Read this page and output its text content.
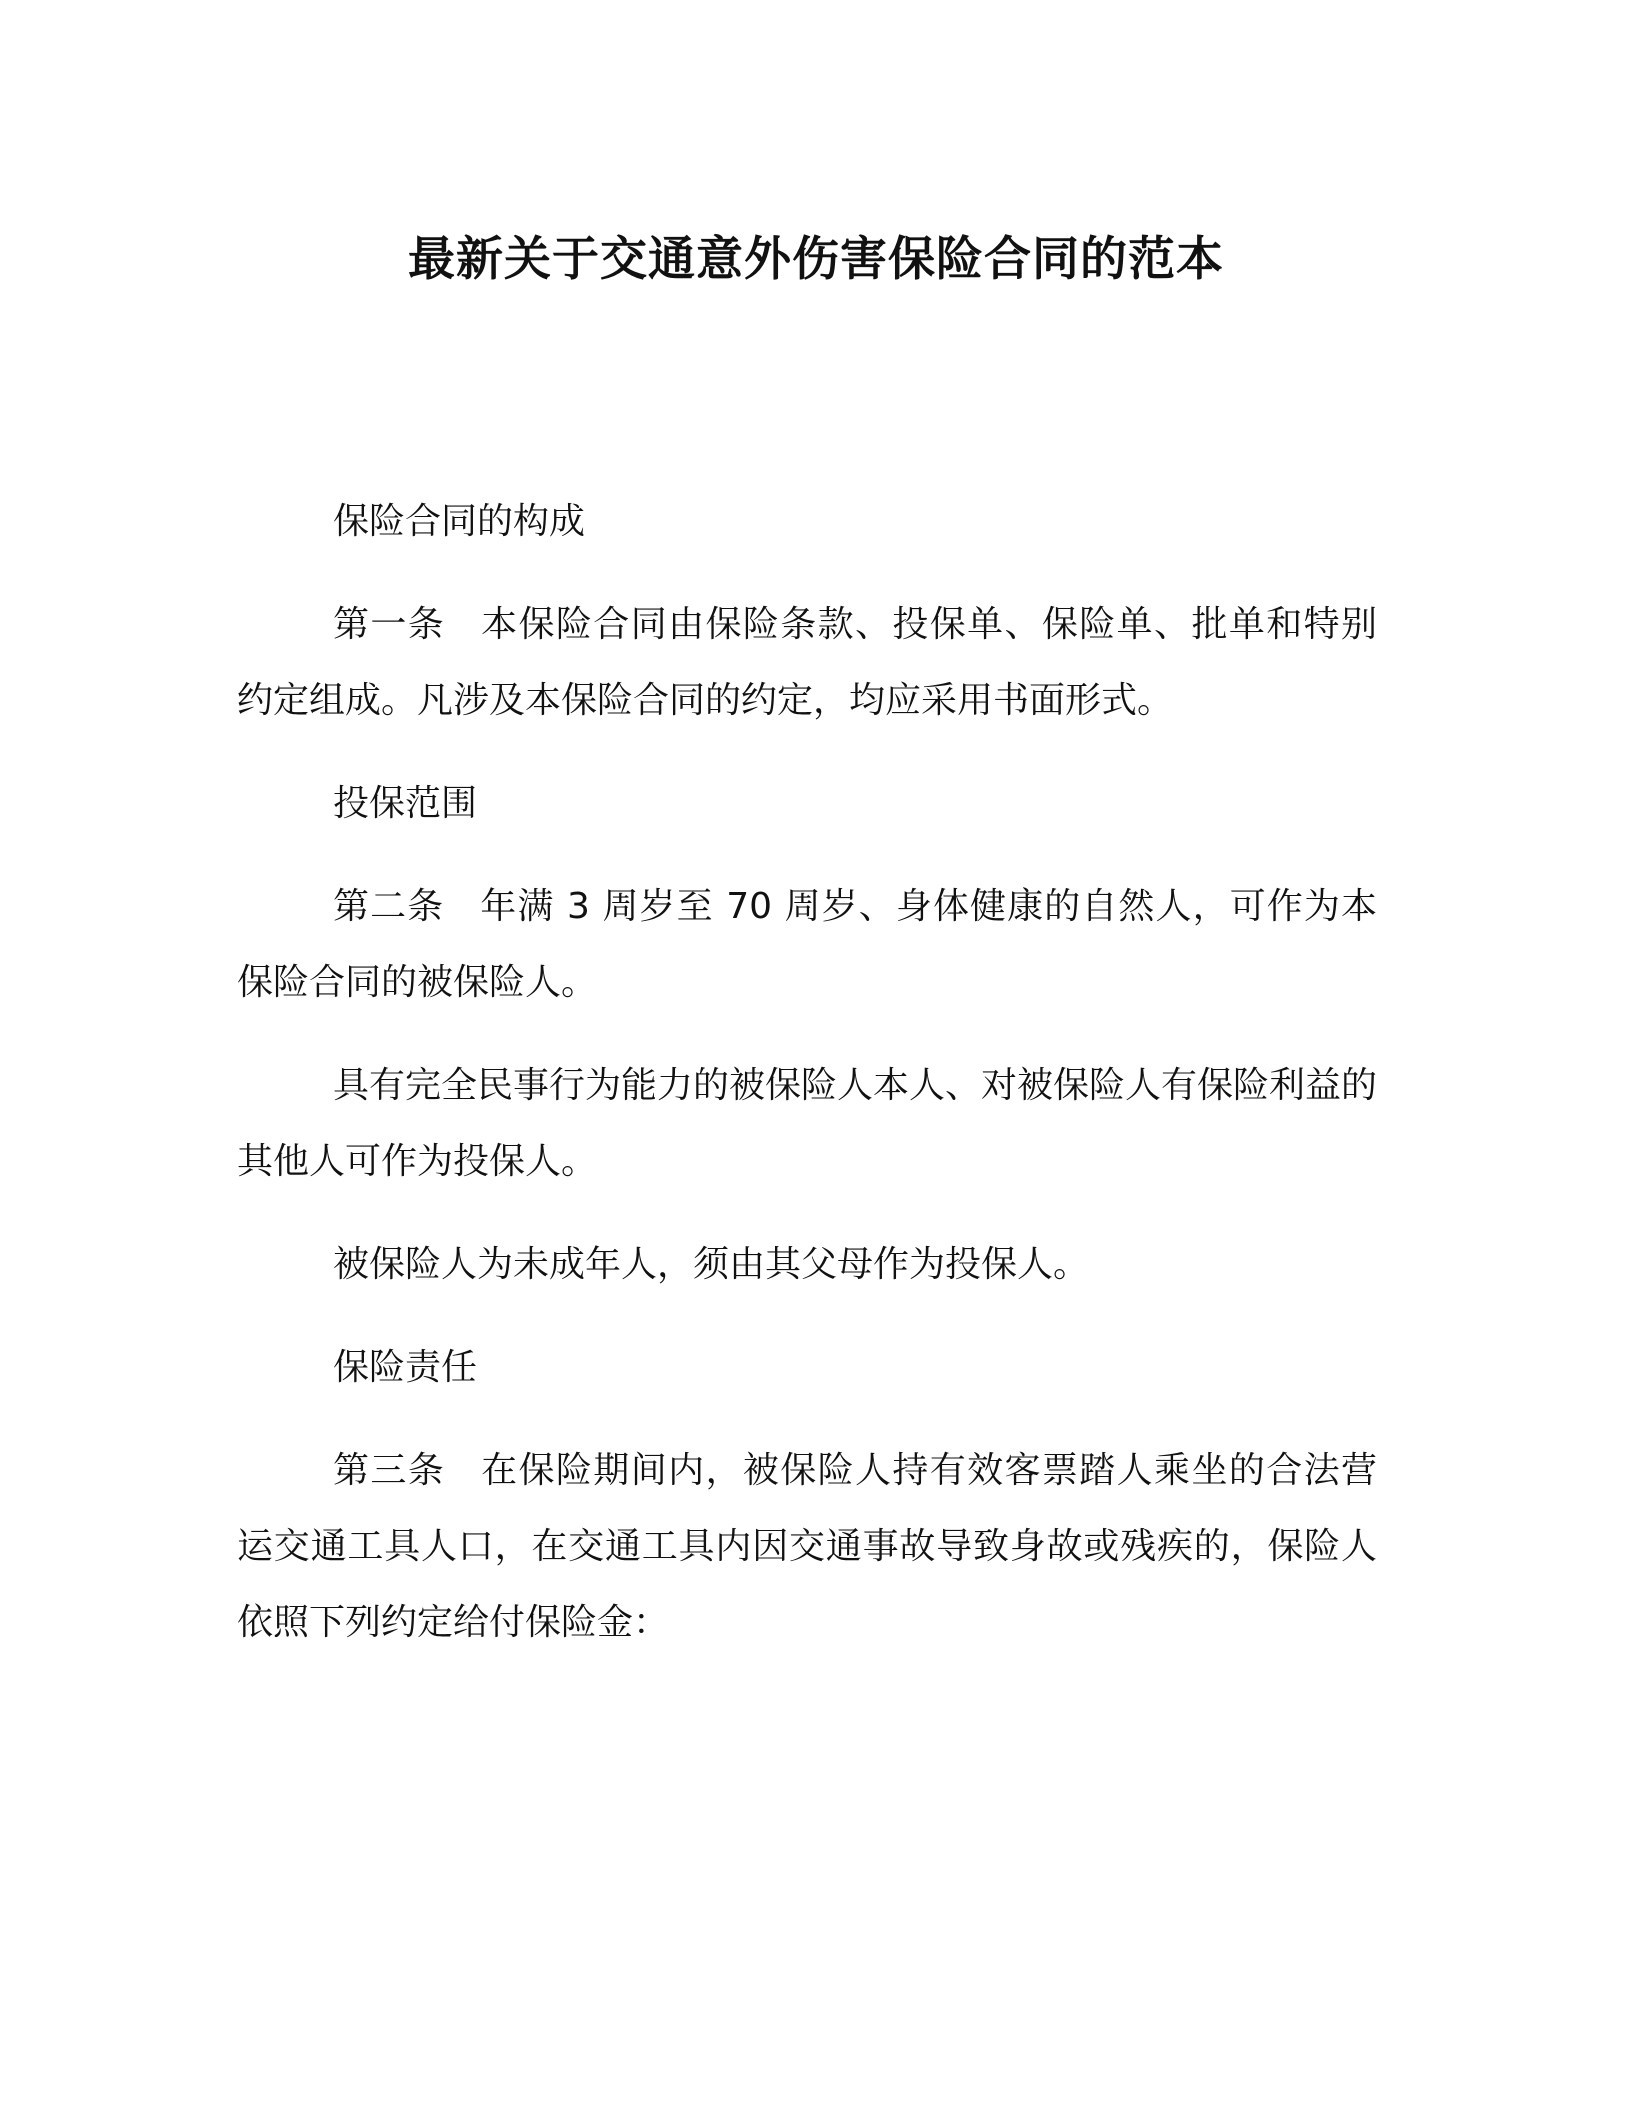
最新关于交通意外伤害保险合同的范本

保险合同的构成

第一条 本保险合同由保险条款、投保单、保险单、批单和特别约定组成。凡涉及本保险合同的约定，均应采用书面形式。

投保范围

第二条 年满 3 周岁至 70 周岁、身体健康的自然人，可作为本保险合同的被保险人。

具有完全民事行为能力的被保险人本人、对被保险人有保险利益的其他人可作为投保人。

被保险人为未成年人，须由其父母作为投保人。

保险责任

第三条 在保险期间内，被保险人持有效客票踏人乘坐的合法营运交通工具人口，在交通工具内因交通事故导致身故或残疾的，保险人依照下列约定给付保险金：
